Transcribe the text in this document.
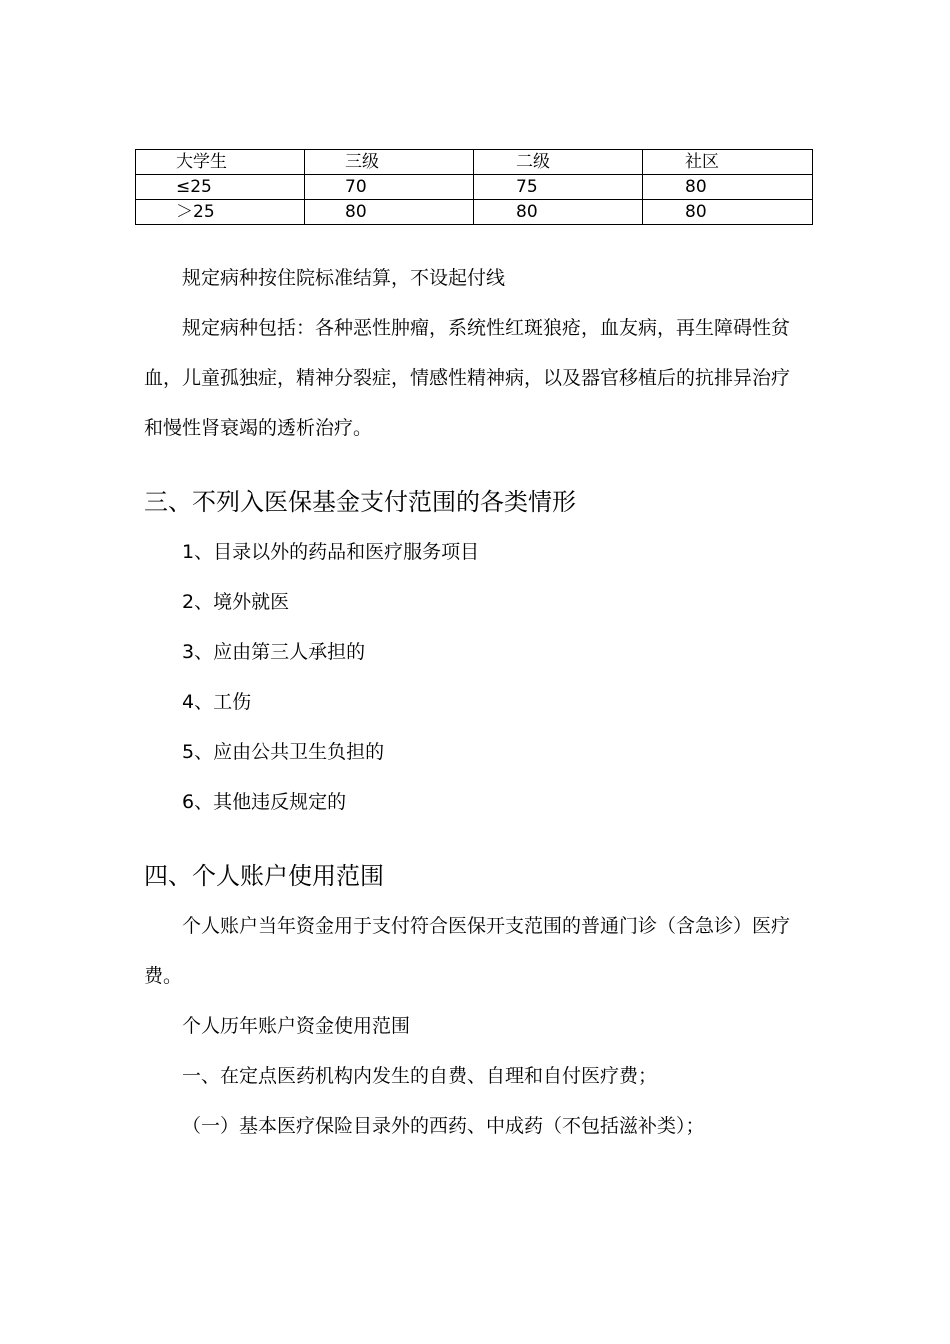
大学生	三级	二级	社区
≤25	70	75	80
＞25	80	80	80
规定病种按住院标准结算，不设起付线
规定病种包括：各种恶性肿瘤，系统性红斑狼疮，血友病，再生障碍性贫
血，儿童孤独症，精神分裂症，情感性精神病，以及器官移植后的抗排异治疗
和慢性肾衰竭的透析治疗。
三、不列入医保基金支付范围的各类情形
1、目录以外的药品和医疗服务项目
2、境外就医
3、应由第三人承担的
4、工伤
5、应由公共卫生负担的
6、其他违反规定的
四、个人账户使用范围
个人账户当年资金用于支付符合医保开支范围的普通门诊（含急诊）医疗
费。
个人历年账户资金使用范围
一、在定点医药机构内发生的自费、自理和自付医疗费；
（一）基本医疗保险目录外的西药、中成药（不包括滋补类）；
